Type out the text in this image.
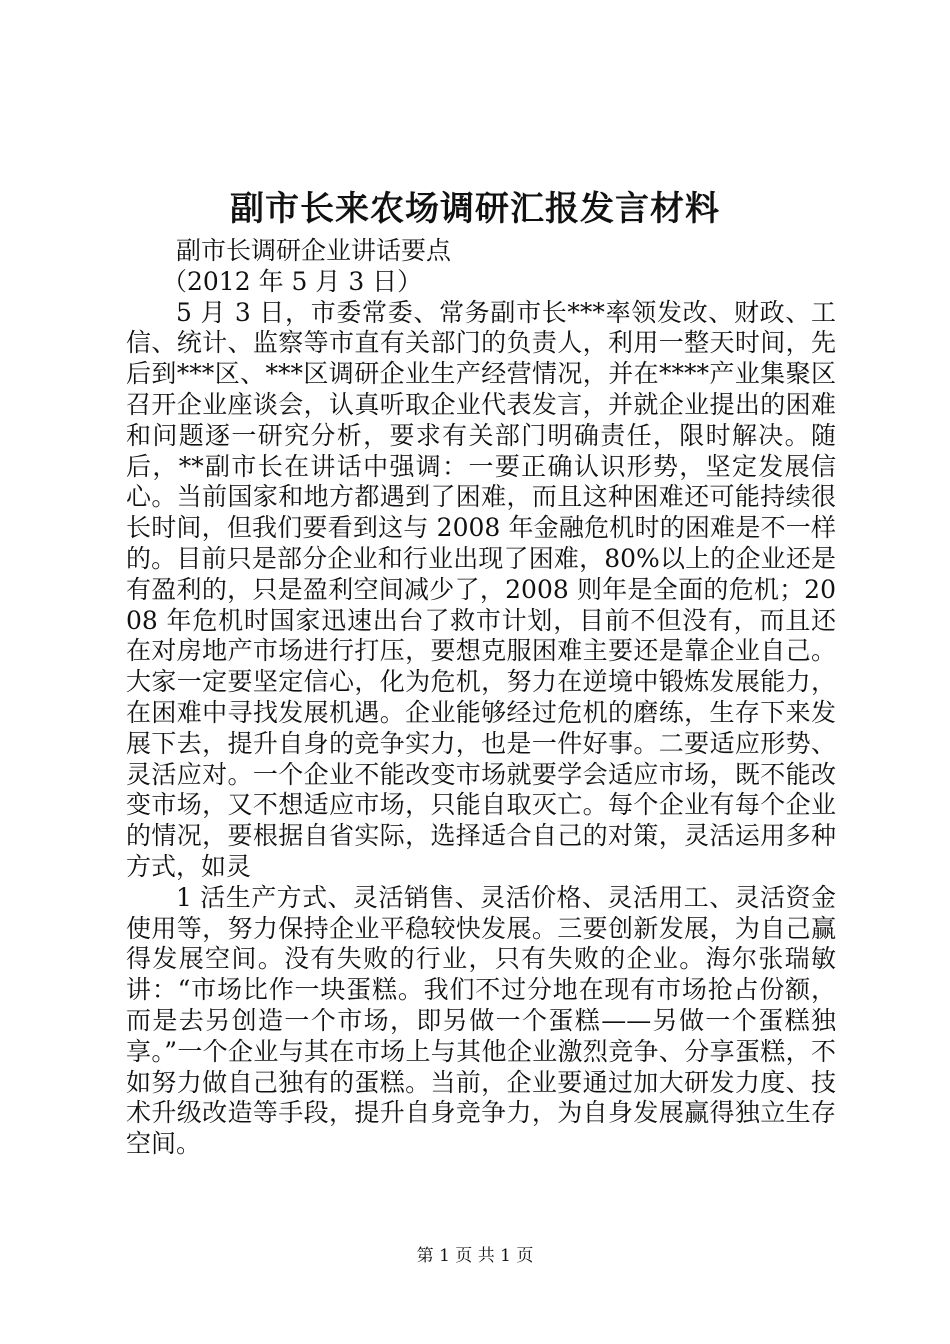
副市长来农场调研汇报发言材料

副市长调研企业讲话要点

（2012 年 5 月 3 日）

5 月 3 日，市委常委、常务副市长***率领发改、财政、工信、统计、监察等市直有关部门的负责人，利用一整天时间，先后到***区、***区调研企业生产经营情况，并在****产业集聚区召开企业座谈会，认真听取企业代表发言，并就企业提出的困难和问题逐一研究分析，要求有关部门明确责任，限时解决。随后，**副市长在讲话中强调：一要正确认识形势，坚定发展信心。当前国家和地方都遇到了困难，而且这种困难还可能持续很长时间，但我们要看到这与 2008 年金融危机时的困难是不一样的。目前只是部分企业和行业出现了困难，80%以上的企业还是有盈利的，只是盈利空间减少了，2008 则年是全面的危机；2008 年危机时国家迅速出台了救市计划，目前不但没有，而且还在对房地产市场进行打压，要想克服困难主要还是靠企业自己。大家一定要坚定信心，化为危机，努力在逆境中锻炼发展能力，在困难中寻找发展机遇。企业能够经过危机的磨练，生存下来发展下去，提升自身的竞争实力，也是一件好事。二要适应形势、灵活应对。一个企业不能改变市场就要学会适应市场，既不能改变市场，又不想适应市场，只能自取灭亡。每个企业有每个企业的情况，要根据自省实际，选择适合自己的对策，灵活运用多种方式，如灵

1 活生产方式、灵活销售、灵活价格、灵活用工、灵活资金使用等，努力保持企业平稳较快发展。三要创新发展，为自己赢得发展空间。没有失败的行业，只有失败的企业。海尔张瑞敏讲：“市场比作一块蛋糕。我们不过分地在现有市场抢占份额，而是去另创造一个市场，即另做一个蛋糕——另做一个蛋糕独享。”一个企业与其在市场上与其他企业激烈竞争、分享蛋糕，不如努力做自己独有的蛋糕。当前，企业要通过加大研发力度、技术升级改造等手段，提升自身竞争力，为自身发展赢得独立生存空间。

第 1 页 共 1 页
